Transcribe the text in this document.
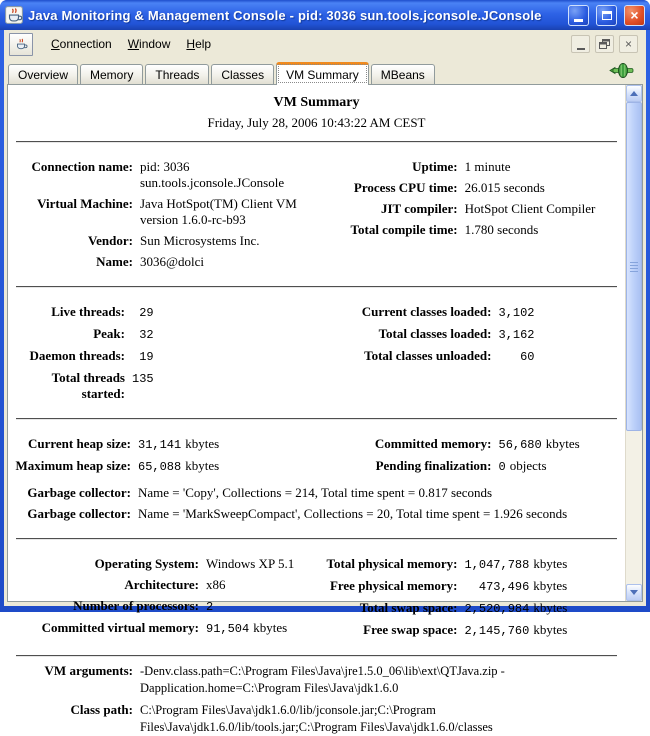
Java Monitoring & Management Console - pid: 3036 sun.tools.jconsole.JConsole	×
Connection	Window	Help	×
Overview	Memory	Threads	Classes	VM Summary	MBeans
VM Summary
Friday, July 28, 2006 10:43:22 AM CEST
Connection name: pid: 3036 sun.tools.jconsole.JConsole
Virtual Machine: Java HotSpot(TM) Client VM version 1.6.0-rc-b93
Vendor: Sun Microsystems Inc.
Name: 3036@dolci
Uptime: 1 minute
Process CPU time: 26.015 seconds
JIT compiler: HotSpot Client Compiler
Total compile time: 1.780 seconds
Live threads:	29
Peak:	32
Daemon threads:	19
Total threads started:
135
Current classes loaded: 3,102
Total classes loaded: 3,162
Total classes unloaded:	60
Current heap size: 31,141 kbytes
Maximum heap size: 65,088 kbytes
Committed memory: 56,680 kbytes
Pending finalization: 0 objects
Garbage collector: Name = 'Copy', Collections = 214, Total time spent = 0.817 seconds
Garbage collector: Name = 'MarkSweepCompact', Collections = 20, Total time spent = 1.926 seconds
Operating System: Windows XP 5.1
Architecture: x86
Number of processors: 2
Committed virtual memory: 91,504 kbytes
Total physical memory: 1,047,788 kbytes
Free physical memory:	473,496 kbytes
Total swap space: 2,520,984 kbytes
Free swap space: 2,145,760 kbytes
VM arguments: -Denv.class.path=C:\Program Files\Java\jre1.5.0_06\lib\ext\QTJava.zip -Dapplication.home=C:\Program Files\Java\jdk1.6.0
Class path: C:\Program Files\Java\jdk1.6.0/lib/jconsole.jar;C:\Program Files\Java\jdk1.6.0/lib/tools.jar;C:\Program Files\Java\jdk1.6.0/classes
